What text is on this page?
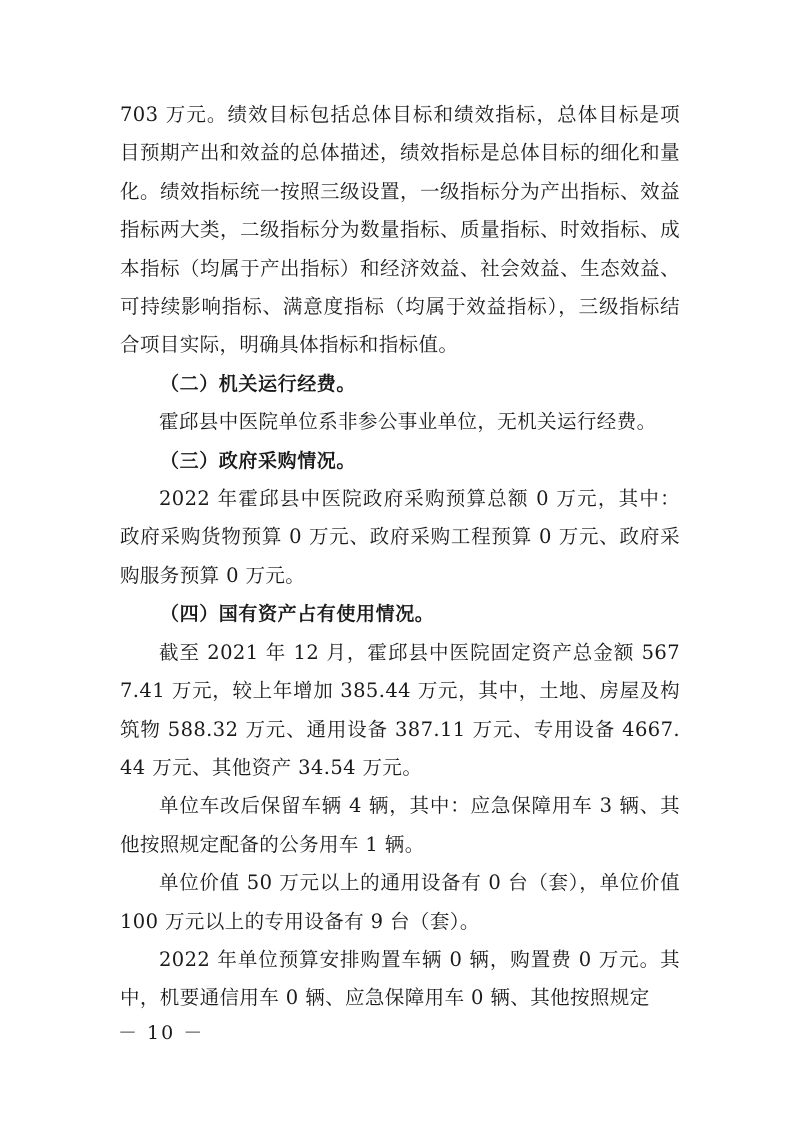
703 万元。绩效目标包括总体目标和绩效指标，总体目标是项目预期产出和效益的总体描述，绩效指标是总体目标的细化和量化。绩效指标统一按照三级设置，一级指标分为产出指标、效益指标两大类，二级指标分为数量指标、质量指标、时效指标、成本指标（均属于产出指标）和经济效益、社会效益、生态效益、可持续影响指标、满意度指标（均属于效益指标），三级指标结合项目实际，明确具体指标和指标值。

（二）机关运行经费。

霍邱县中医院单位系非参公事业单位，无机关运行经费。

（三）政府采购情况。

2022 年霍邱县中医院政府采购预算总额 0 万元，其中：政府采购货物预算 0 万元、政府采购工程预算 0 万元、政府采购服务预算 0 万元。

（四）国有资产占有使用情况。

截至 2021 年 12 月，霍邱县中医院固定资产总金额 5677.41 万元，较上年增加 385.44 万元，其中，土地、房屋及构筑物 588.32 万元、通用设备 387.11 万元、专用设备 4667.44 万元、其他资产 34.54 万元。

单位车改后保留车辆 4 辆，其中：应急保障用车 3 辆、其他按照规定配备的公务用车 1 辆。

单位价值 50 万元以上的通用设备有 0 台（套），单位价值 100 万元以上的专用设备有 9 台（套）。

2022 年单位预算安排购置车辆 0 辆，购置费 0 万元。其中，机要通信用车 0 辆、应急保障用车 0 辆、其他按照规定

－ 10 －
